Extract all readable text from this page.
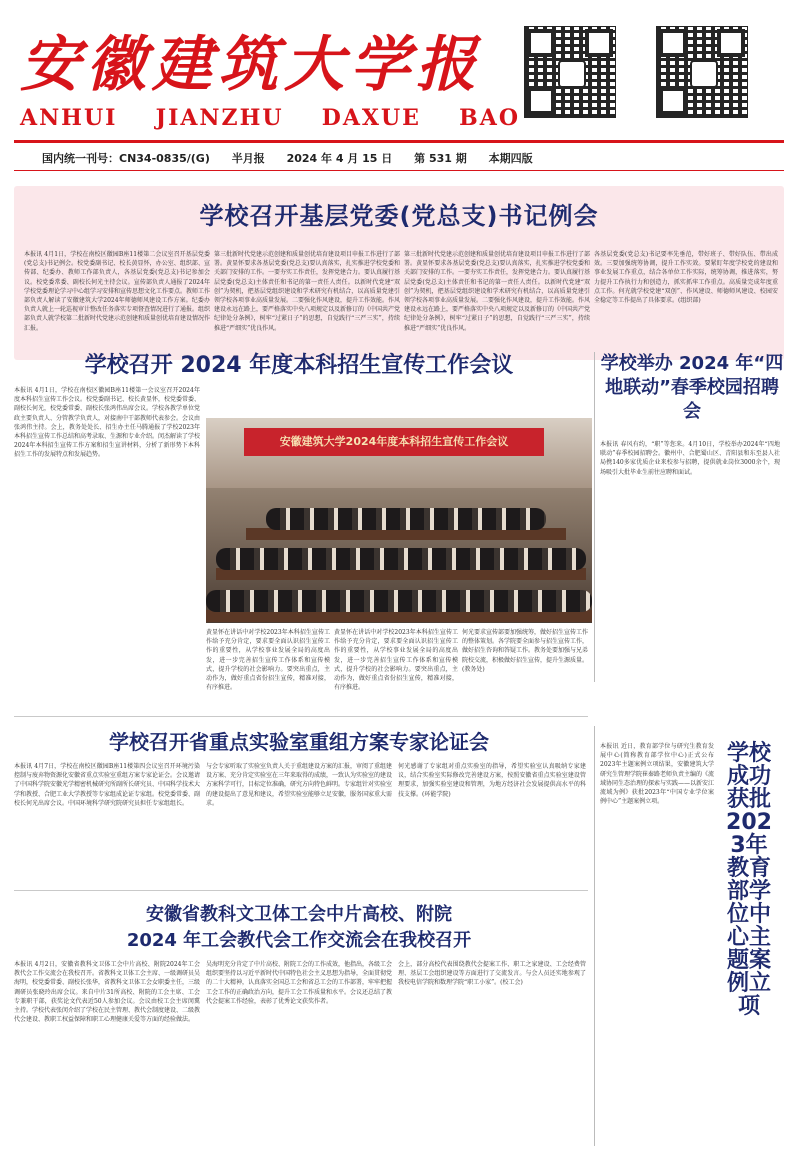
安徽建筑大学报
ANHUI JIANZHU DAXUE BAO
国内统一刊号：CN34-0835/(G) 半月报 2024 年 4 月 15 日 第 531 期 本期四版
学校召开基层党委(党总支)书记例会
本报讯 4月1日，学校在南校区徽园B座11楼第二会议室召开基层党委(党总支)书记例会。校党委副书记、校长黄显怀，办公室、组织部、宣传部、纪委办、教师工作部负责人，各基层党委(党总支)书记参加会议。校党委常委、副校长何光主持会议。宣传部负责人通报了2024年学校党委理论学习中心组学习安排和宣传思想文化工作要点。教师工作部负责人解读了安徽建筑大学2024年师德师风建设工作方案。纪委办负责人就上一轮巡视审计整改任务落实专项督查情况进行了通报。组织部负责人就学校第二批新时代党建示范创建和质量创优培育建设情况作汇报。
第三批新时代党建示范创建和质量创优培育建设项目申报工作进行了部署。黄显怀要求各基层党委(党总支)要认真落实，扎实推进学校党委和关部门安排的工作。一要夯实工作责任，发挥党建合力。要认真履行基层党委(党总支)主体责任和书记的第一责任人责任。以新时代党建“双创”为契机，把基层党组织建设和学术研究有机结合，以高质量党建引领学校各项事业高质量发展。二要强化作风建设，提升工作效能。作风建设永远在路上，要严格落实中央八项规定以及新修订的《中国共产党纪律处分条例》，树牢“过紧日子”的思想，自觉践行“三严三实”，持续推进“严细实”优良作风。
第三批新时代党建示范创建和质量创优培育建设项目申报工作进行了部署。黄显怀要求各基层党委(党总支)要认真落实，扎实推进学校党委和关部门安排的工作。一要夯实工作责任，发挥党建合力。要认真履行基层党委(党总支)主体责任和书记的第一责任人责任。以新时代党建“双创”为契机，把基层党组织建设和学术研究有机结合，以高质量党建引领学校各项事业高质量发展。二要强化作风建设，提升工作效能。作风建设永远在路上，要严格落实中央八项规定以及新修订的《中国共产党纪律处分条例》，树牢“过紧日子”的思想，自觉践行“三严三实”，持续推进“严细实”优良作风。
各基层党委(党总支)书记要率先垂范，带好班子、带好队伍、带出成效。三要加强统筹协调，提升工作实效。要紧盯年度学校党的建设和事业发展工作重点，结合各单位工作实际，统筹协调，推进落实，努力提升工作执行力和创造力，抓实抓牢工作重点。高质量完成年度重点工作。何光就学校党建“双创”、作风建设、师德师风建设、校园安全稳定等工作提出了具体要求。(组织部)
学校召开 2024 年度本科招生宣传工作会议
本报讯 4月1日，学校在南校区徽园B座11楼第一会议室召开2024年度本科招生宣传工作会议。校党委副书记、校长黄显怀，校党委常委、副校长何光，校党委常委、副校长张鸿伟出席会议。学校各教学单位党政主要负责人、分管教学负责人，对接南中干部教师代表参会。会议由张鸿伟主持。会上，教务处处长、招生办主任马腾通报了学校2023年本科招生宣传工作总结和高考录取、生源和专业介绍。闵杰解读了学校2024年本科招生宣传工作方案和招生宣讲材料，分析了新形势下本科招生工作的发展特点和发展趋势。
安徽建筑大学2024年度本科招生宣传工作会议
黄显怀在讲话中对学校2023年本科招生宣传工作给予充分肯定，要求要全面认识招生宣传工作的重要性，从学校事业发展全局的高度出发，进一步完善招生宣传工作体系和宣传模式，提升学校的社会影响力。要突出重点，主动作为，做好重点省份招生宣传，精准对接，有序推进。
黄显怀在讲话中对学校2023年本科招生宣传工作给予充分肯定，要求要全面认识招生宣传工作的重要性，从学校事业发展全局的高度出发，进一步完善招生宣传工作体系和宣传模式，提升学校的社会影响力。要突出重点，主动作为，做好重点省份招生宣传，精准对接，有序推进。
何光要求宣传部要加强统筹，做好招生宣传工作的整体策划。各学院要全面参与招生宣传工作，做好招生咨询和答疑工作。教务处要加强与兄弟院校交流，积极做好招生宣传，提升生源质量。(教务处)
学校举办 2024 年“四地联动”春季校园招聘会
本报讯 春风有约，“职”等您来。4月10日，学校举办2024年“四地联动”春季校园招聘会。徽州中、合肥蜀山区、青阳县和东至县人社局携140多家优质企业来校参与招聘，提供就业岗位3000余个，现场吸引大批毕业生前往应聘和面试。
学校召开省重点实验室重组方案专家论证会
本报讯 4月7日，学校在南校区徽园B座11楼第四会议室召开环境污染控制与废弃物资源化安徽省重点实验室重组方案专家论证会。会议邀请了中国科学院安徽光学精密机械研究所副所长研究员、中国科学技术大学和教授、合肥工业大学教授等专家组成论证专家组。校党委常委、副校长何光出席会议。中国环境科学研究院研究员担任专家组组长。
与会专家听取了实验室负责人关于重组建设方案的汇报，审阅了重组建设方案、充分肯定实验室在三年来取得的成绩，一致认为实验室的建设方案科学可行，目标定位准确，研究方向特色鲜明。专家组针对实验室的建设提出了意见和建议，希望实验室能够立足安徽，服务国家重大需求。
何光感谢了专家组对重点实验室的指导，希望实验室认真吸纳专家建议，结合实验室实际修改完善建设方案，按照安徽省重点实验室建设管理要求，加强实验室建设和管理，为地方经济社会发展提供高水平的科技支撑。(环能学院)
安徽省教科文卫体工会中片高校、附院
2024 年工会教代会工作交流会在我校召开
本报讯 4月2日，安徽省教科文卫体工会中片高校、附院2024年工会教代会工作交流会在我校召开。省教科文卫体工会主席、一级调研员吴海明，校党委常委、副校长张华，省教科文卫体工会女职委主任，三级调研员张晓玲出席会议。来自中片31所高校、附院的工会主席、工会专兼职干部，获奖论文代表近50人参加会议。会议由校工会主席闵冀主持。学校代表张闵介绍了学校在民主管理、教代会制度建设、二级教代会建设、教职工权益保障和职工心理健康关爱等方面的经验做法。
吴海明充分肯定了中片高校、附院工会的工作成效，他指出，各级工会组织要坚持以习近平新时代中国特色社会主义思想为指导，全面贯彻党的二十大精神，认真落实全国总工会和省总工会的工作部署，牢牢把握工会工作的正确政治方向，提升工会工作质量和水平。会议还总结了教代会提案工作经验，表彰了优秀论文获奖作者。
会上，部分高校代表围绕教代会提案工作、职工之家建设、工会经费管理、基层工会组织建设等方面进行了交流发言。与会人员还实地参观了我校电信学院和数理学院“职工小家”。(校工会)
本报讯 近日，教育部学位与研究生教育发展中心(简称教育部学位中心)正式公布2023年主题案例立项结果，安徽建筑大学研究生管理学院崔秦路老师负责主编的《流域协同生态治理的探索与实践——以新安江流域为例》获批2023年“中国专业学位案例中心”主题案例立项。
学校成功获批2023年教育部学位中心主题案例立项
